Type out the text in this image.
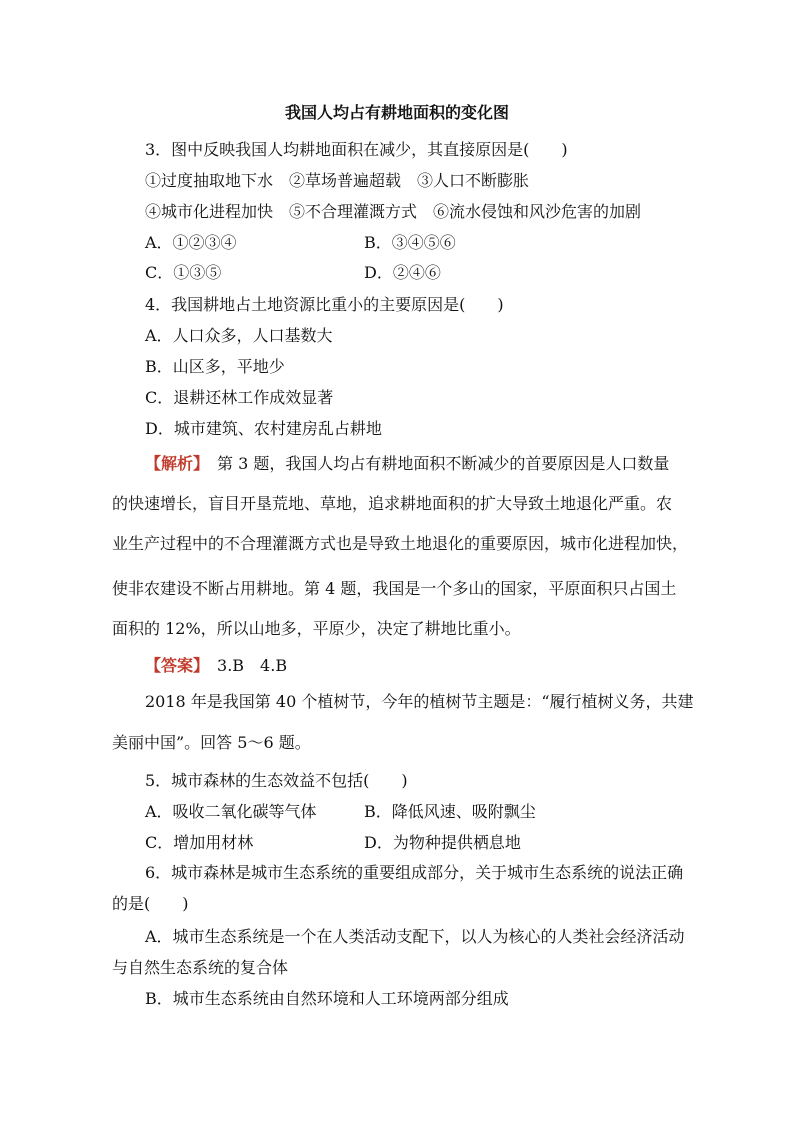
我国人均占有耕地面积的变化图
3．图中反映我国人均耕地面积在减少，其直接原因是(　　)
①过度抽取地下水　②草场普遍超载　③人口不断膨胀
④城市化进程加快　⑤不合理灌溉方式　⑥流水侵蚀和风沙危害的加剧
A．①②③④	B．③④⑤⑥
C．①③⑤	D．②④⑥
4．我国耕地占土地资源比重小的主要原因是(　　)
A．人口众多，人口基数大
B．山区多，平地少
C．退耕还林工作成效显著
D．城市建筑、农村建房乱占耕地
【解析】　 第 3 题，我国人均占有耕地面积不断减少的首要原因是人口数量
的快速增长，盲目开垦荒地、草地，追求耕地面积的扩大导致土地退化严重。农
业生产过程中的不合理灌溉方式也是导致土地退化的重要原因，城市化进程加快，
使非农建设不断占用耕地。第 4 题，我国是一个多山的国家，平原面积只占国土
面积的 12%，所以山地多，平原少，决定了耕地比重小。
【答案】　 3.B　4.B
2018 年是我国第 40 个植树节，今年的植树节主题是：“履行植树义务，共建
美丽中国”。回答 5～6 题。
5．城市森林的生态效益不包括(　　)
A．吸收二氧化碳等气体	B．降低风速、吸附飘尘
C．增加用材林	D．为物种提供栖息地
6．城市森林是城市生态系统的重要组成部分，关于城市生态系统的说法正确
的是(　　)
A．城市生态系统是一个在人类活动支配下，以人为核心的人类社会经济活动
与自然生态系统的复合体
B．城市生态系统由自然环境和人工环境两部分组成
